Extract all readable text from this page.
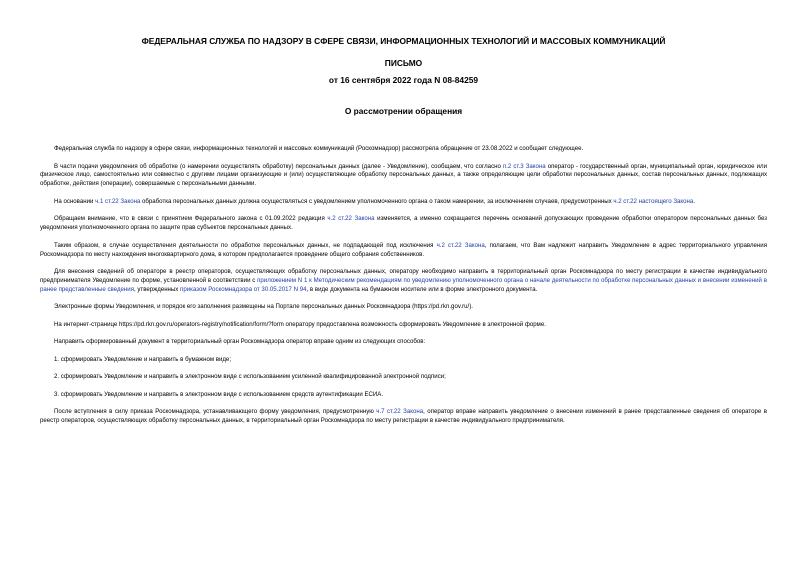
ФЕДЕРАЛЬНАЯ СЛУЖБА ПО НАДЗОРУ В СФЕРЕ СВЯЗИ, ИНФОРМАЦИОННЫХ ТЕХНОЛОГИЙ И МАССОВЫХ КОММУНИКАЦИЙ
ПИСЬМО
от 16 сентября 2022 года N 08-84259
О рассмотрении обращения

Федеральная служба по надзору в сфере связи, информационных технологий и массовых коммуникаций (Роскомнадзор) рассмотрела обращение от 23.08.2022 и сообщает следующее.

В части подачи уведомления об обработке (о намерении осуществлять обработку) персональных данных (далее - Уведомление), сообщаем, что согласно п.2 ст.3 Закона оператор - государственный орган, муниципальный орган, юридическое или физическое лицо, самостоятельно или совместно с другими лицами организующие и (или) осуществляющие обработку персональных данных, а также определяющие цели обработки персональных данных, состав персональных данных, подлежащих обработке, действия (операции), совершаемые с персональными данными.

На основании ч.1 ст.22 Закона обработка персональных данных должна осуществляться с уведомлением уполномоченного органа о таком намерении, за исключением случаев, предусмотренных ч.2 ст.22 настоящего Закона.

Обращаем внимание, что в связи с принятием Федерального закона с 01.09.2022 редакция ч.2 ст.22 Закона изменяется, а именно сокращается перечень оснований допускающих проведение обработки оператором персональных данных без уведомления уполномоченного органа по защите прав субъектов персональных данных.

Таким образом, в случае осуществления деятельности по обработке персональных данных, не подпадающей под исключения ч.2 ст.22 Закона, полагаем, что Вам надлежит направить Уведомление в адрес территориального управления Роскомнадзора по месту нахождения многоквартирного дома, в котором предполагается проведение общего собрания собственников.

Для внесения сведений об операторе в реестр операторов, осуществляющих обработку персональных данных, оператору необходимо направить в территориальный орган Роскомнадзора по месту регистрации в качестве индивидуального предпринимателя Уведомление по форме, установленной в соответствии с приложением N 1 к Методическим рекомендациям по уведомлению уполномоченного органа о начале деятельности по обработке персональных данных и внесении изменений в ранее представленные сведения, утвержденных приказом Роскомнадзора от 30.05.2017 N 94, в виде документа на бумажном носителе или в форме электронного документа.

Электронные формы Уведомления, и порядок его заполнения размещены на Портале персональных данных Роскомнадзора (https://pd.rkn.gov.ru/).

На интернет-странице https://pd.rkn.gov.ru/operators-registry/notification/form/?form оператору предоставлена возможность сформировать Уведомление в электронной форме.

Направить сформированный документ в территориальный орган Роскомнадзора оператор вправе одним из следующих способов:

1. сформировать Уведомление и направить в бумажном виде;

2. сформировать Уведомление и направить в электронном виде с использованием усиленной квалифицированной электронной подписи;

3. сформировать Уведомление и направить в электронном виде с использованием средств аутентификации ЕСИА.

После вступления в силу приказа Роскомнадзора, устанавливающего форму уведомления, предусмотренную ч.7 ст.22 Закона, оператор вправе направить уведомление о внесении изменений в ранее представленные сведения об операторе в реестр операторов, осуществляющих обработку персональных данных, в территориальный орган Роскомнадзора по месту регистрации в качестве индивидуального предпринимателя.
